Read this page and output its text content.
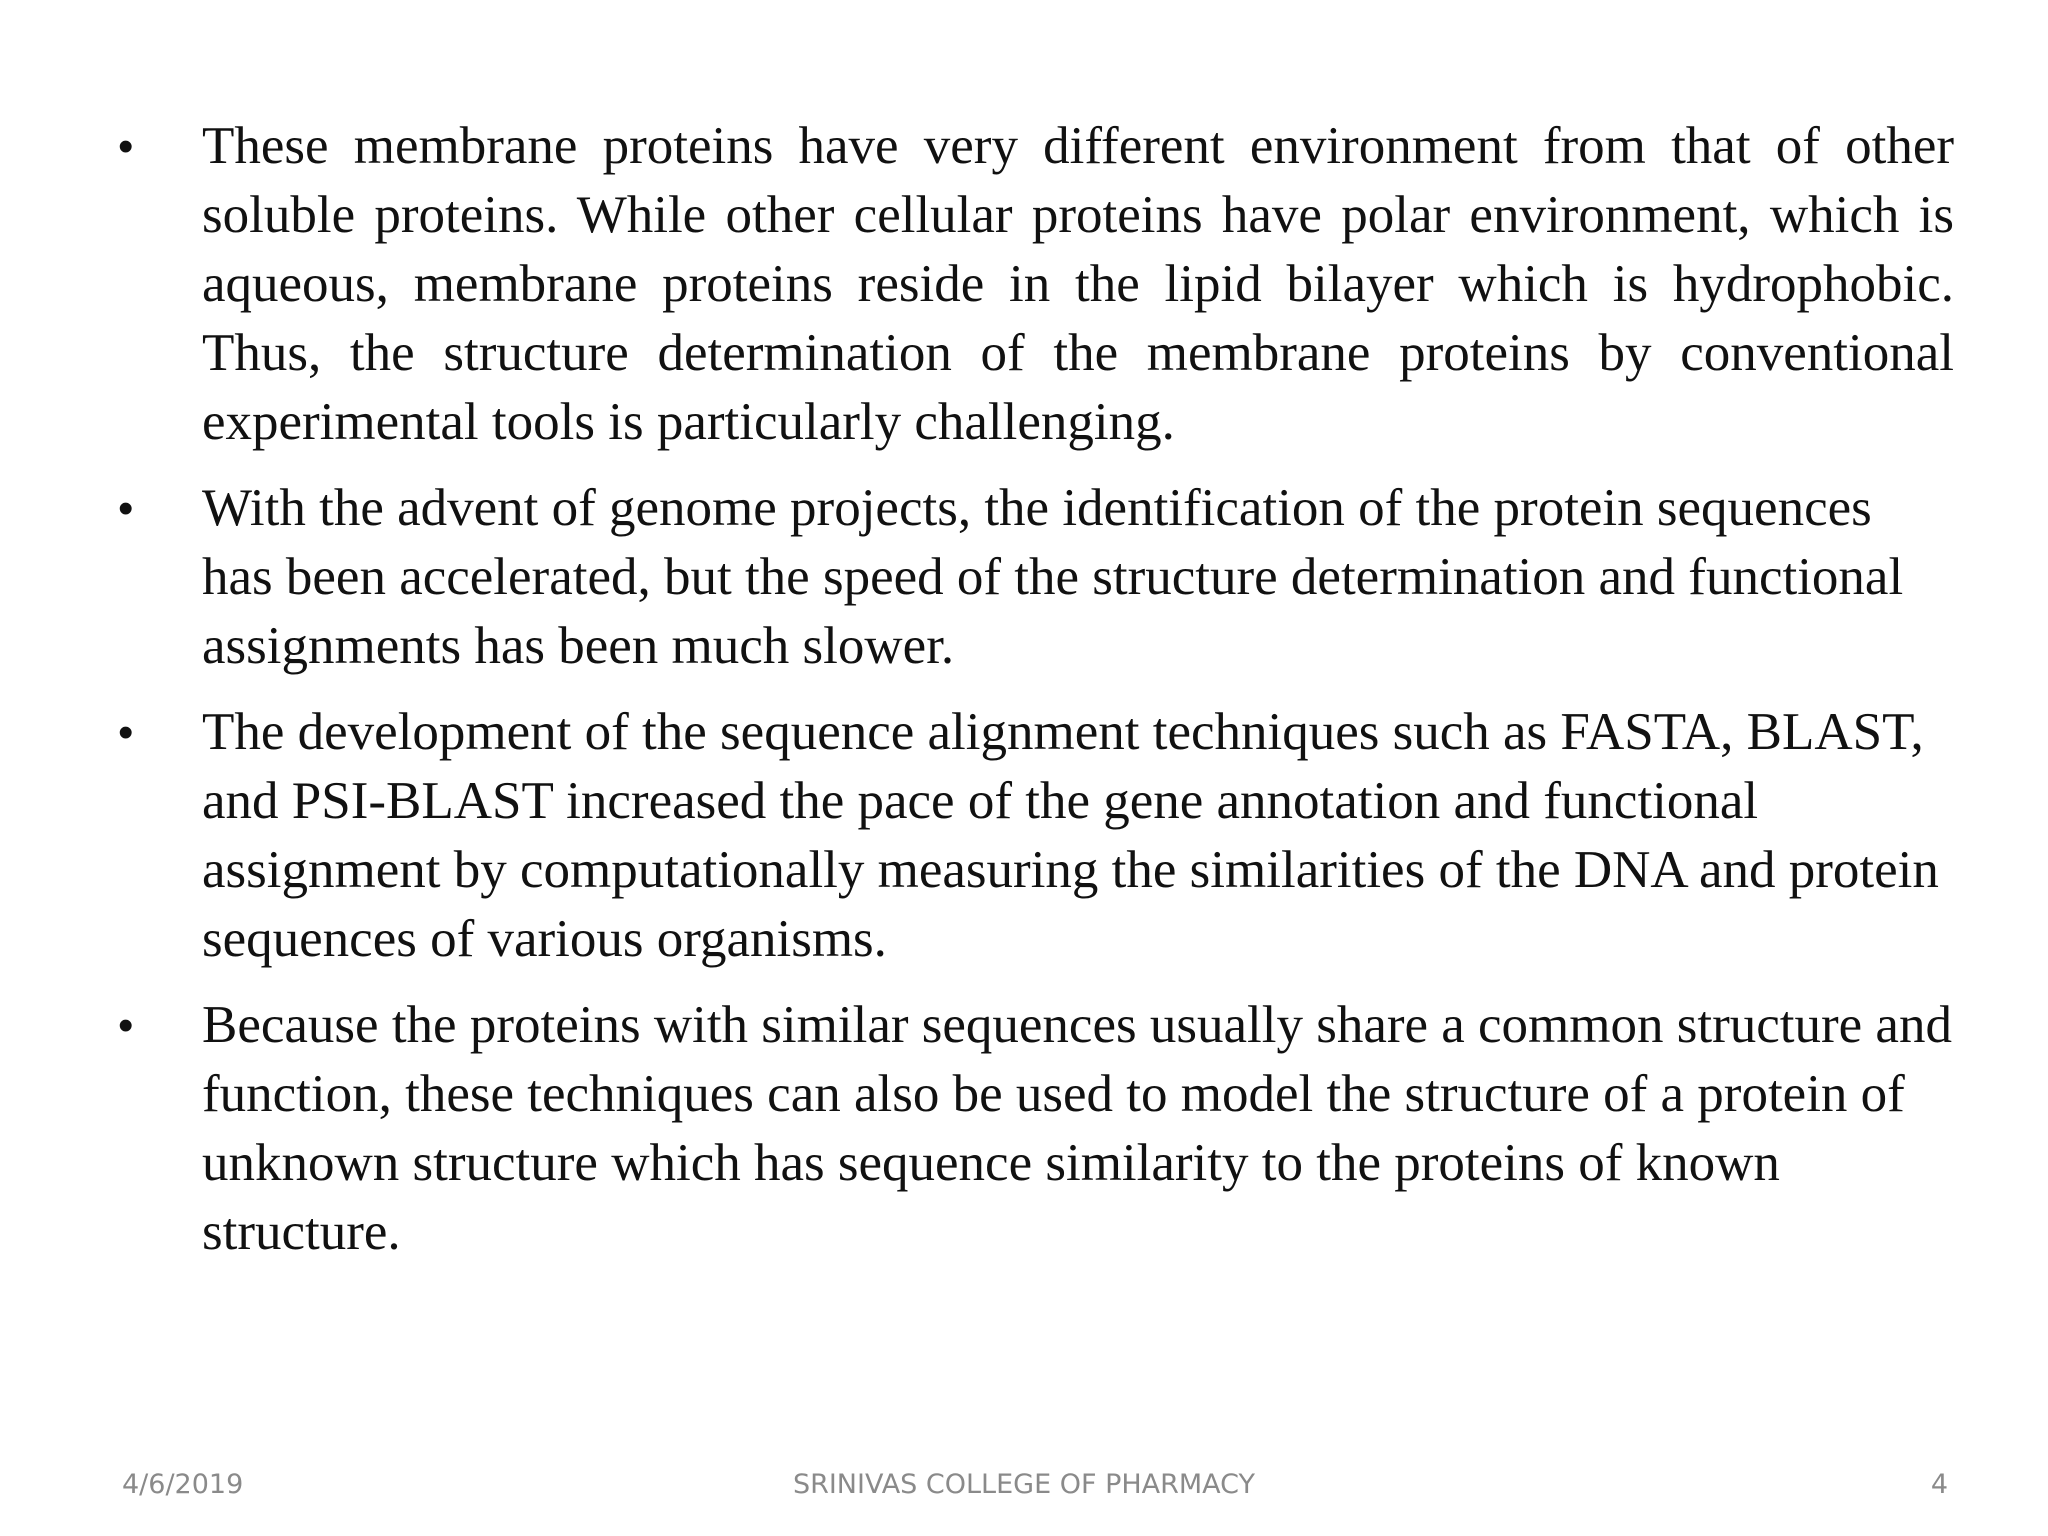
•	These membrane proteins have very different environment from that of other soluble proteins. While other cellular proteins have polar environment, which is aqueous, membrane proteins reside in the lipid bilayer which is hydrophobic. Thus, the structure determination of the membrane proteins by conventional experimental tools is particularly challenging.
•	With the advent of genome projects, the identification of the protein sequences has been accelerated, but the speed of the structure determination and functional assignments has been much slower.
•	The development of the sequence alignment techniques such as FASTA, BLAST, and PSI-BLAST increased the pace of the gene annotation and functional assignment by computationally measuring the similarities of the DNA and protein sequences of various organisms.
•	Because the proteins with similar sequences usually share a common structure and function, these techniques can also be used to model the structure of a protein of unknown structure which has sequence similarity to the proteins of known structure.
4/6/2019	SRINIVAS COLLEGE OF PHARMACY	4
